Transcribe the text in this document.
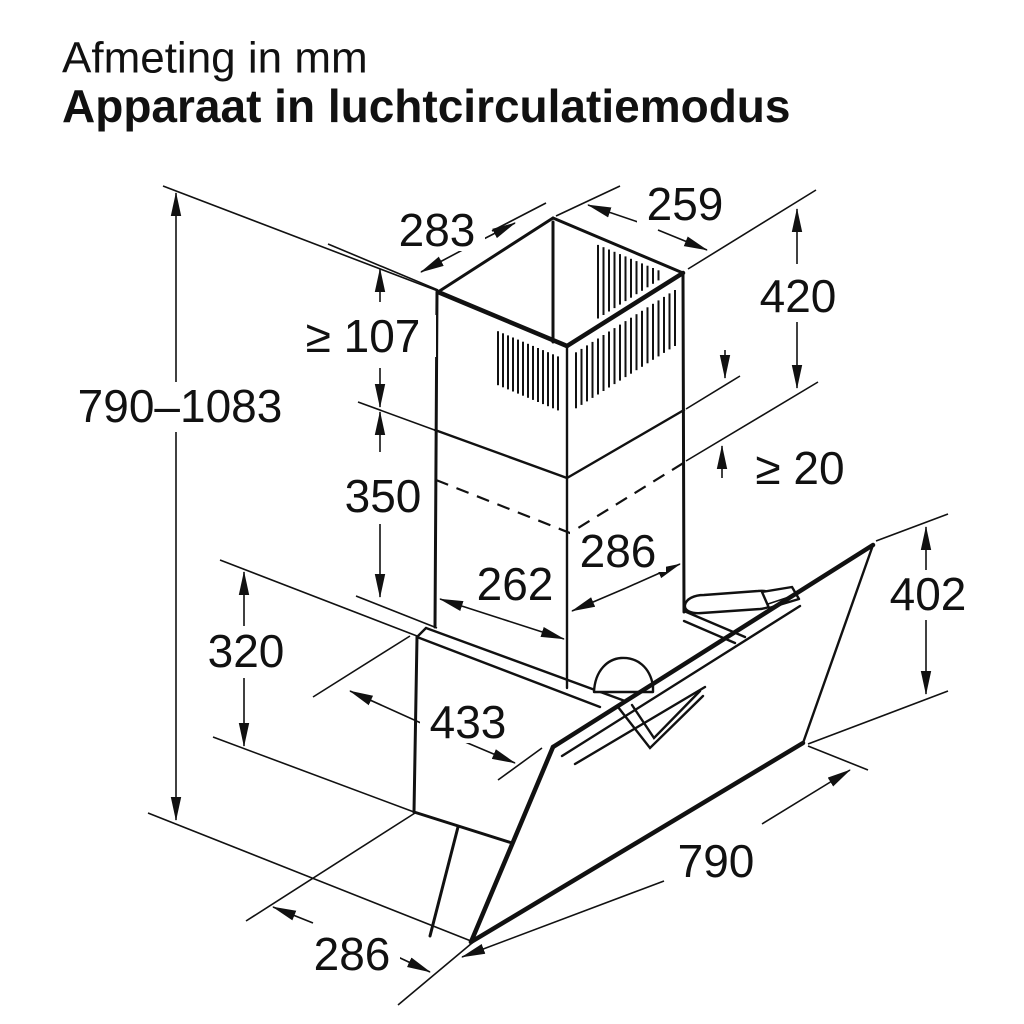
Afmeting in mm
Apparaat in luchtcirculatiemodus
283	259
420
≥ 107
350
≥ 20
286
262
433
790–1083
320
402
790
286
